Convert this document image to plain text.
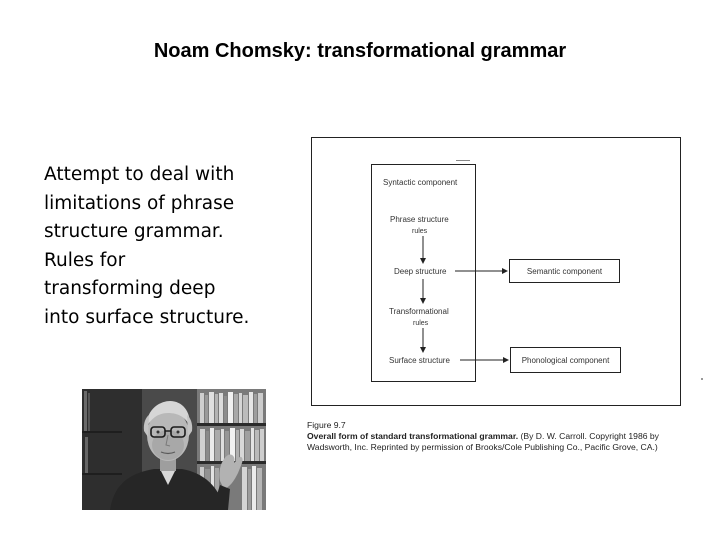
Noam Chomsky: transformational grammar
Attempt to deal with
limitations of phrase
structure grammar.
Rules for
transforming deep
into surface structure.
Syntactic component
Phrase structure
rules
Deep structure
Transformational
rules
Surface structure
Semantic component
Phonological component
Figure 9.7
Overall form of standard transformational grammar. (By D. W. Carroll. Copyright 1986 by Wadsworth, Inc. Reprinted by permission of Brooks/Cole Publishing Co., Pacific Grove, CA.)
